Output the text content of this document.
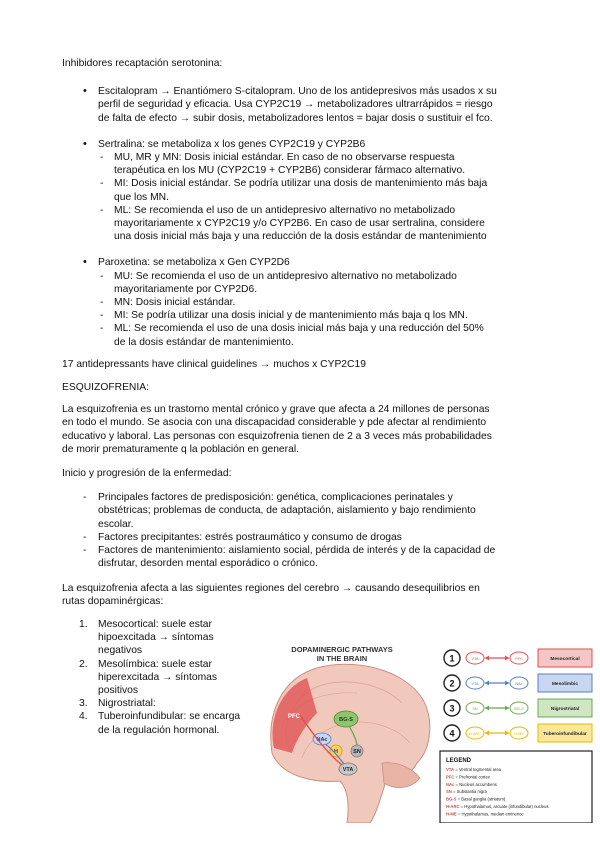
Inhibidores recaptación serotonina:

• Escitalopram → Enantiómero S-citalopram. Uno de los antidepresivos más usados x su

perfil de seguridad y eficacia. Usa CYP2C19 → metabolizadores ultrarrápidos = riesgo

de falta de efecto → subir dosis, metabolizadores lentos = bajar dosis o sustituir el fco.

• Sertralina: se metaboliza x los genes CYP2C19 y CYP2B6

- MU, MR y MN: Dosis inicial estándar. En caso de no observarse respuesta

terapéutica en los MU (CYP2C19 + CYP2B6) considerar fármaco alternativo.

- MI: Dosis inicial estándar. Se podría utilizar una dosis de mantenimiento más baja

que los MN.

- ML: Se recomienda el uso de un antidepresivo alternativo no metabolizado

mayoritariamente x CYP2C19 y/o CYP2B6. En caso de usar sertralina, considere

una dosis inicial más baja y una reducción de la dosis estándar de mantenimiento

• Paroxetina: se metaboliza x Gen CYP2D6

- MU: Se recomienda el uso de un antidepresivo alternativo no metabolizado

mayoritariamente por CYP2D6.

- MN: Dosis inicial estándar.

- MI: Se podría utilizar una dosis inicial y de mantenimiento más baja q los MN.

- ML: Se recomienda el uso de una dosis inicial más baja y una reducción del 50%

de la dosis estándar de mantenimiento.

17 antidepressants have clinical guidelines → muchos x CYP2C19

ESQUIZOFRENIA:

La esquizofrenia es un trastorno mental crónico y grave que afecta a 24 millones de personas

en todo el mundo. Se asocia con una discapacidad considerable y pde afectar al rendimiento

educativo y laboral. Las personas con esquizofrenia tienen de 2 a 3 veces más probabilidades

de morir prematuramente q la población en general.

Inicio y progresión de la enfermedad:

- Principales factores de predisposición: genética, complicaciones perinatales y

obstétricas; problemas de conducta, de adaptación, aislamiento y bajo rendimiento

escolar.

- Factores precipitantes: estrés postraumático y consumo de drogas

- Factores de mantenimiento: aislamiento social, pérdida de interés y de la capacidad de

disfrutar, desorden mental esporádico o crónico.

La esquizofrenia afecta a las siguientes regiones del cerebro → causando desequilibrios en

rutas dopaminérgicas:

1. Mesocortical: suele estar

hipoexcitada → síntomas

negativos

2. Mesolímbica: suele estar

hiperexcitada → síntomas

positivos

3. Nigrostriatal:

4. Tuberoinfundibular: se encarga

de la regulación hormonal.

DOPAMINERGIC PATHWAYS
IN THE BRAIN
PFC	BG-S
NAc
H	SN
VTA
1	VTA	PFC	Mesocortical
2	VTA	NAc	Mesolimbic
3	SN	BG-S	Nigrostriatal
4	H-ARC	H-ME	Tuberoinfundibular
LEGEND
VTA = Ventral tegmental area
PFC = Prefrontal cortex
NAc = Nucleus accumbens
SN = Substantia nigra
BG-S = Basal ganglia (striatum)
H-ARC = Hypothalamus, arcuate (infundibular) nucleus
H-ME = Hypothalamus, median eminence
